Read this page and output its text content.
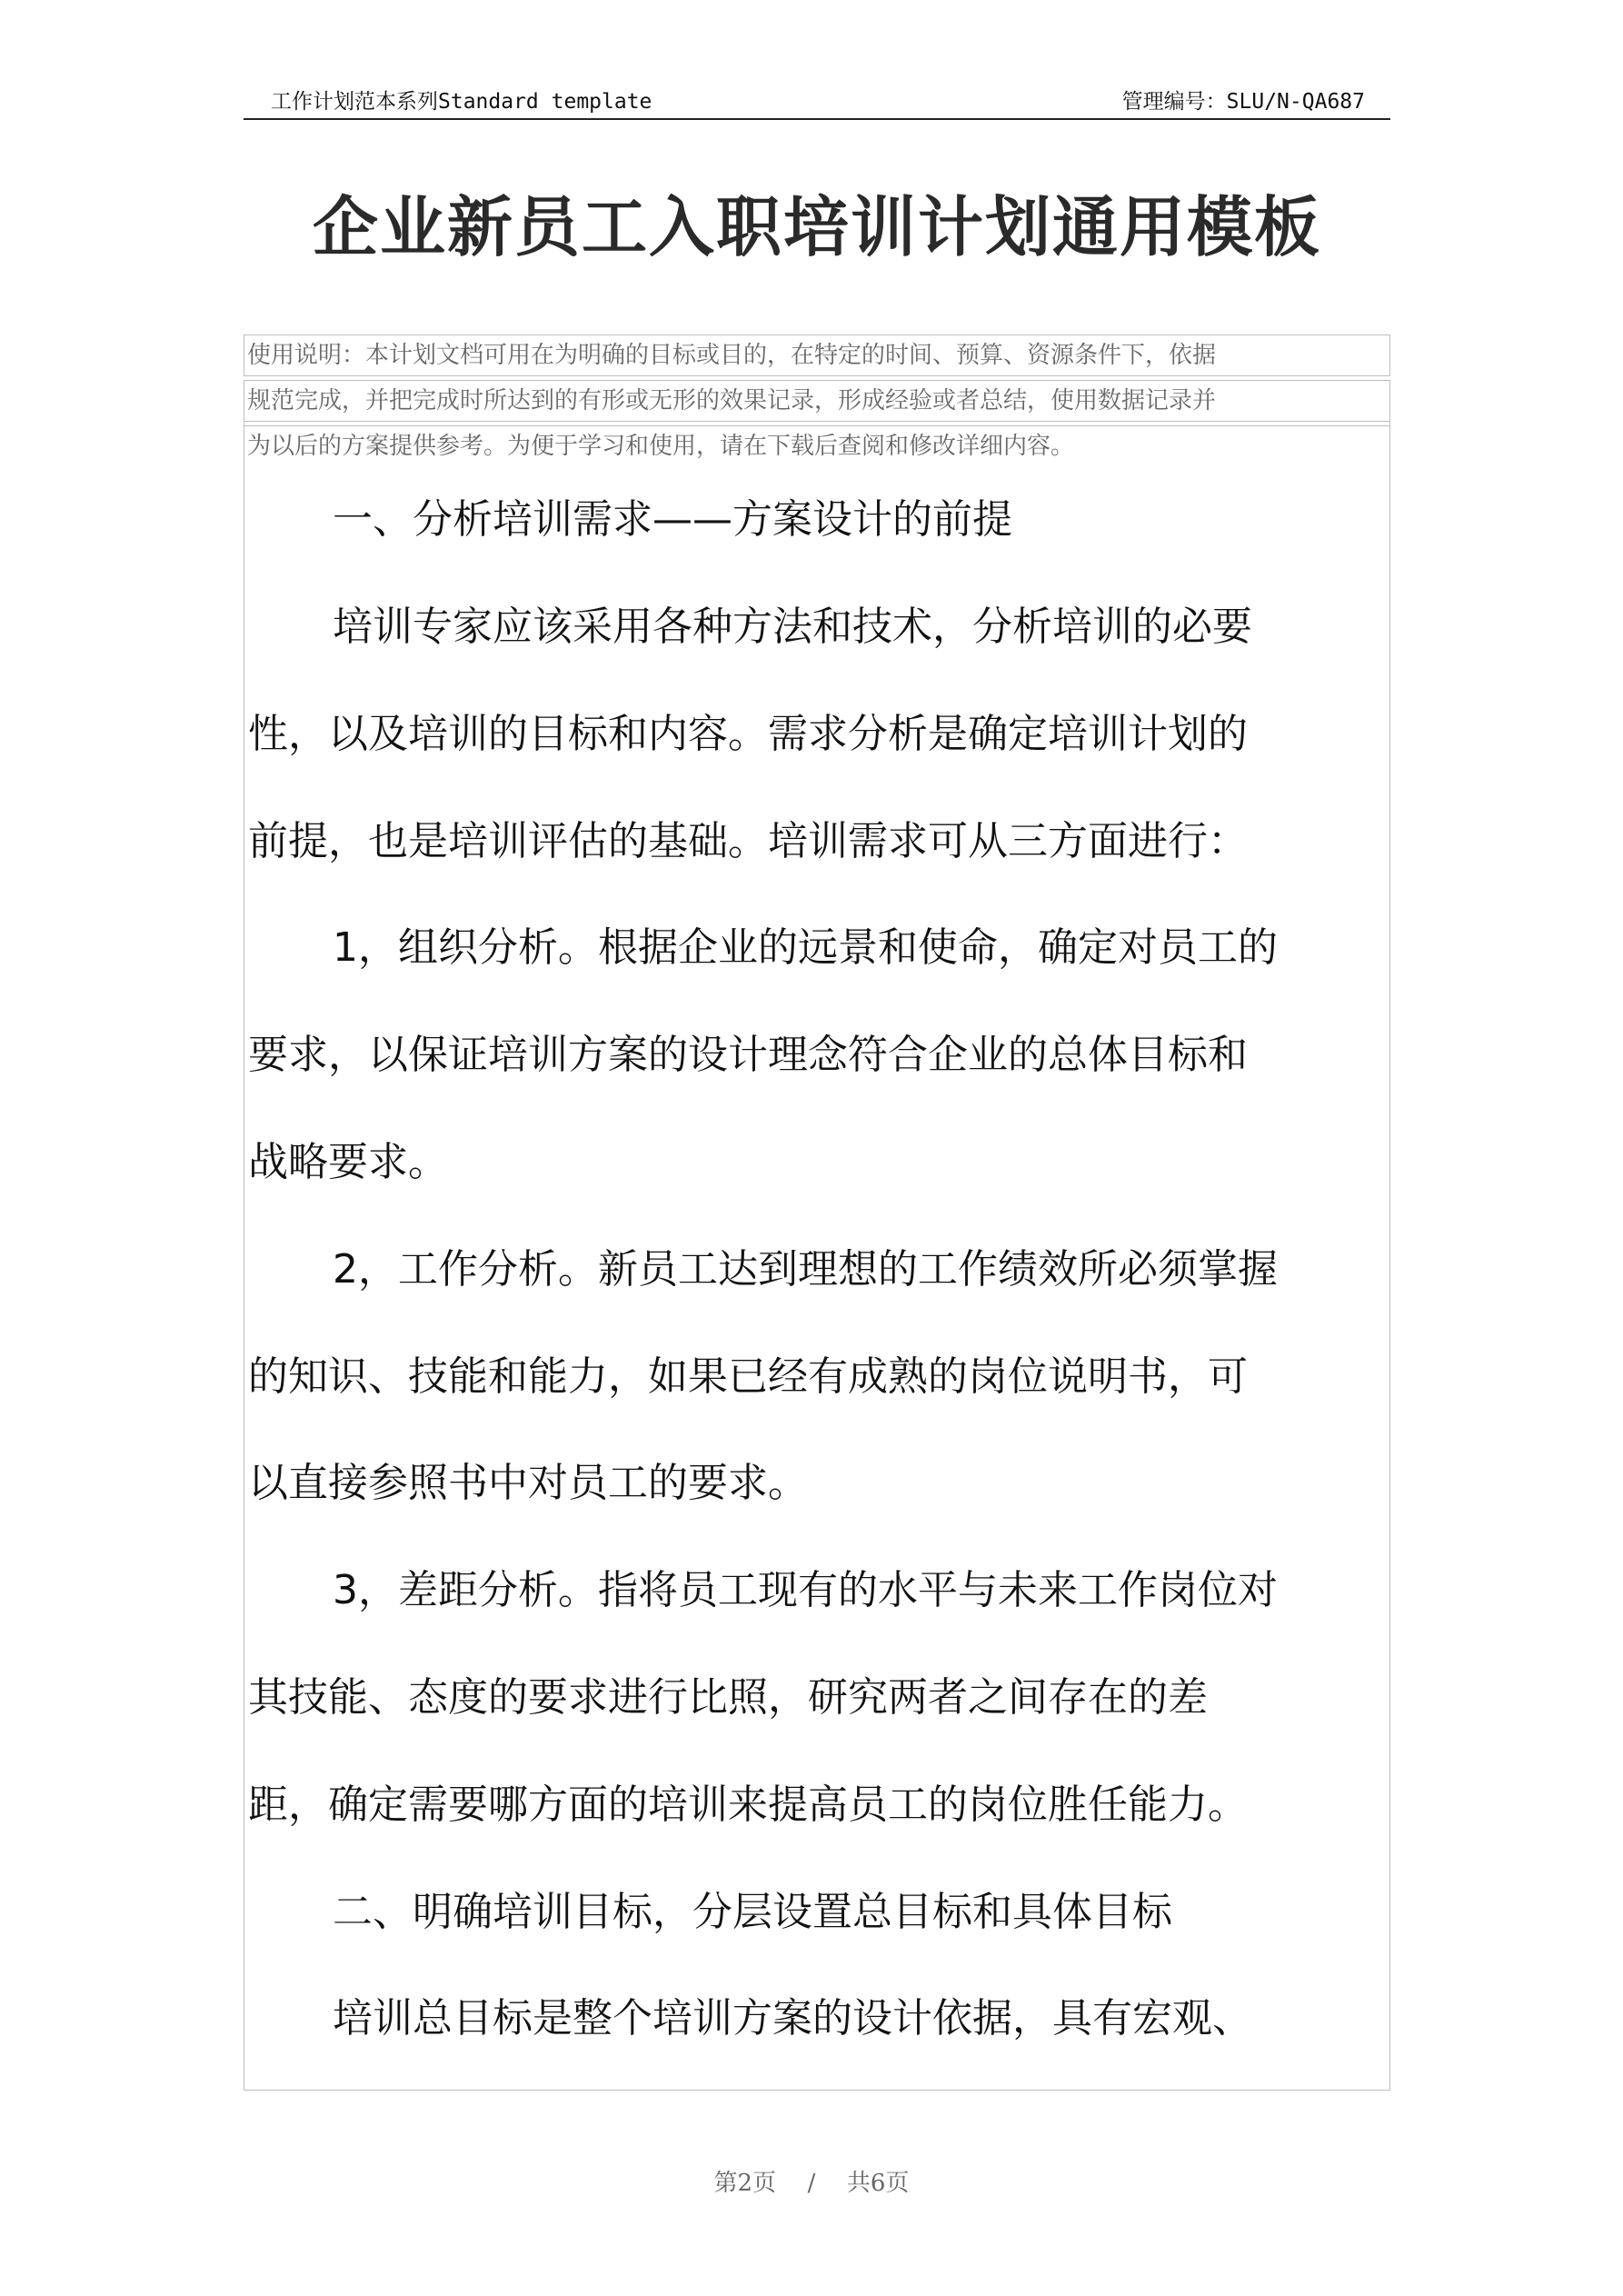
工作计划范本系列Standard template	管理编号：SLU/N-QA687
企业新员工入职培训计划通用模板
使用说明：本计划文档可用在为明确的目标或目的，在特定的时间、预算、资源条件下，依据
规范完成，并把完成时所达到的有形或无形的效果记录，形成经验或者总结，使用数据记录并
为以后的方案提供参考。为便于学习和使用，请在下载后查阅和修改详细内容。
一、分析培训需求——方案设计的前提
培训专家应该采用各种方法和技术，分析培训的必要
性，以及培训的目标和内容。需求分析是确定培训计划的
前提，也是培训评估的基础。培训需求可从三方面进行：
1，组织分析。根据企业的远景和使命，确定对员工的
要求，以保证培训方案的设计理念符合企业的总体目标和
战略要求。
2，工作分析。新员工达到理想的工作绩效所必须掌握
的知识、技能和能力，如果已经有成熟的岗位说明书，可
以直接参照书中对员工的要求。
3，差距分析。指将员工现有的水平与未来工作岗位对
其技能、态度的要求进行比照，研究两者之间存在的差
距，确定需要哪方面的培训来提高员工的岗位胜任能力。
二、明确培训目标，分层设置总目标和具体目标
培训总目标是整个培训方案的设计依据，具有宏观、
第2页 / 共6页
